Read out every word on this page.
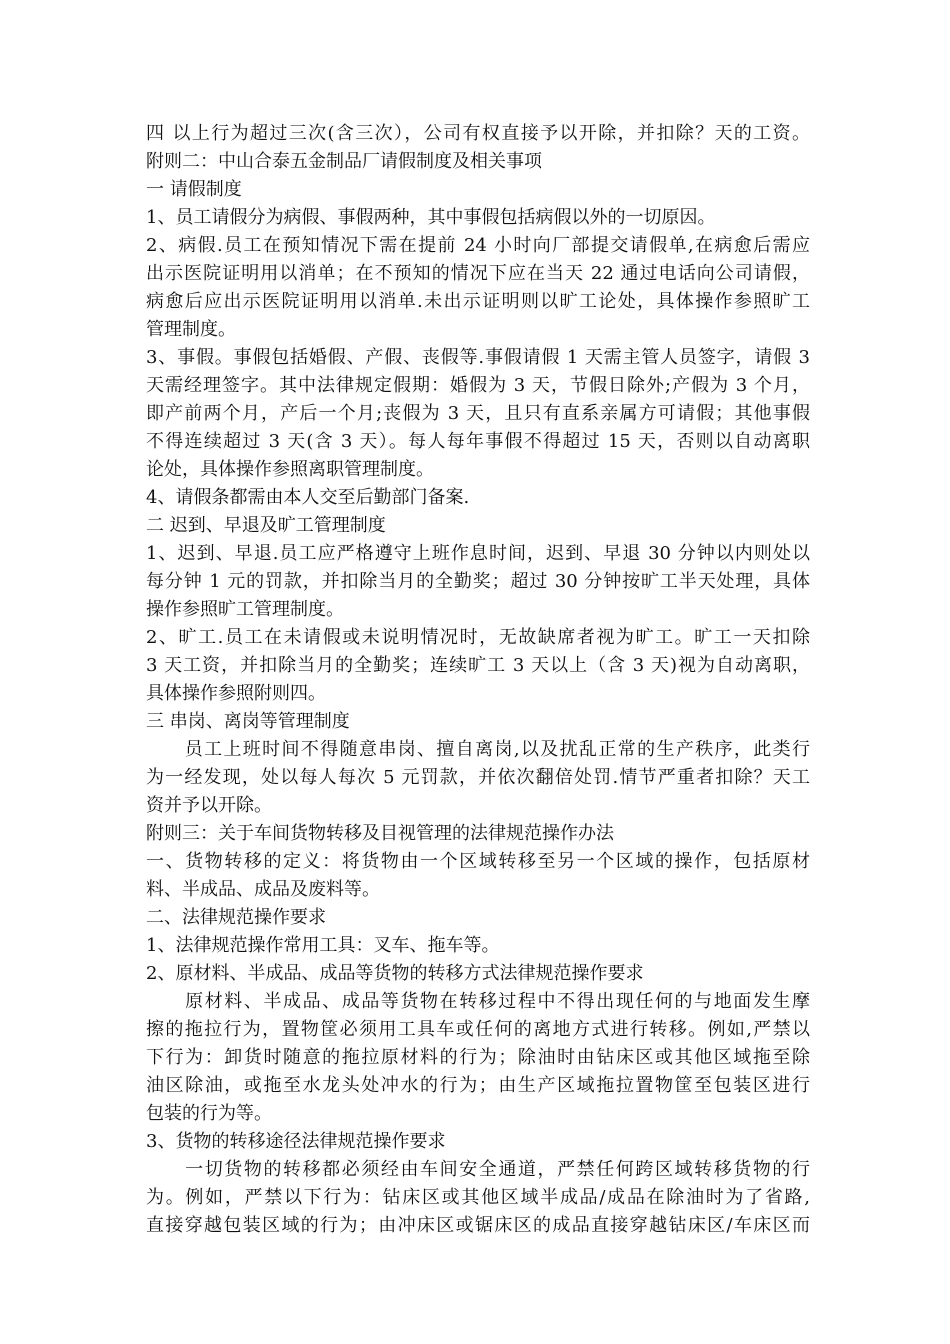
四 以上行为超过三次(含三次），公司有权直接予以开除，并扣除？天的工资。

附则二：中山合泰五金制品厂请假制度及相关事项

一 请假制度

1、员工请假分为病假、事假两种，其中事假包括病假以外的一切原因。

2、病假.员工在预知情况下需在提前 24 小时向厂部提交请假单,在病愈后需应

出示医院证明用以消单；在不预知的情况下应在当天 22 通过电话向公司请假，

病愈后应出示医院证明用以消单.未出示证明则以旷工论处，具体操作参照旷工

管理制度。

3、事假。事假包括婚假、产假、丧假等.事假请假 1 天需主管人员签字，请假 3

天需经理签字。其中法律规定假期：婚假为 3 天，节假日除外;产假为 3 个月，

即产前两个月，产后一个月;丧假为 3 天，且只有直系亲属方可请假；其他事假

不得连续超过 3 天(含 3 天）。每人每年事假不得超过 15 天，否则以自动离职

论处，具体操作参照离职管理制度。

4、请假条都需由本人交至后勤部门备案.

二 迟到、早退及旷工管理制度

1、迟到、早退.员工应严格遵守上班作息时间，迟到、早退 30 分钟以内则处以

每分钟 1 元的罚款，并扣除当月的全勤奖；超过 30 分钟按旷工半天处理，具体

操作参照旷工管理制度。

2、旷工.员工在未请假或未说明情况时，无故缺席者视为旷工。旷工一天扣除

3 天工资，并扣除当月的全勤奖；连续旷工 3 天以上（含 3 天)视为自动离职，

具体操作参照附则四。

三 串岗、离岗等管理制度

　　员工上班时间不得随意串岗、擅自离岗,以及扰乱正常的生产秩序，此类行

为一经发现，处以每人每次 5 元罚款，并依次翻倍处罚.情节严重者扣除？天工

资并予以开除。

附则三：关于车间货物转移及目视管理的法律规范操作办法

一、货物转移的定义：将货物由一个区域转移至另一个区域的操作，包括原材

料、半成品、成品及废料等。

二、法律规范操作要求

1、法律规范操作常用工具：叉车、拖车等。

2、原材料、半成品、成品等货物的转移方式法律规范操作要求

　　原材料、半成品、成品等货物在转移过程中不得出现任何的与地面发生摩

擦的拖拉行为，置物筐必须用工具车或任何的离地方式进行转移。例如,严禁以

下行为：卸货时随意的拖拉原材料的行为；除油时由钻床区或其他区域拖至除

油区除油，或拖至水龙头处冲水的行为；由生产区域拖拉置物筐至包装区进行

包装的行为等。

3、货物的转移途径法律规范操作要求

　　一切货物的转移都必须经由车间安全通道，严禁任何跨区域转移货物的行

为。例如，严禁以下行为：钻床区或其他区域半成品/成品在除油时为了省路,

直接穿越包装区域的行为；由冲床区或锯床区的成品直接穿越钻床区/车床区而
